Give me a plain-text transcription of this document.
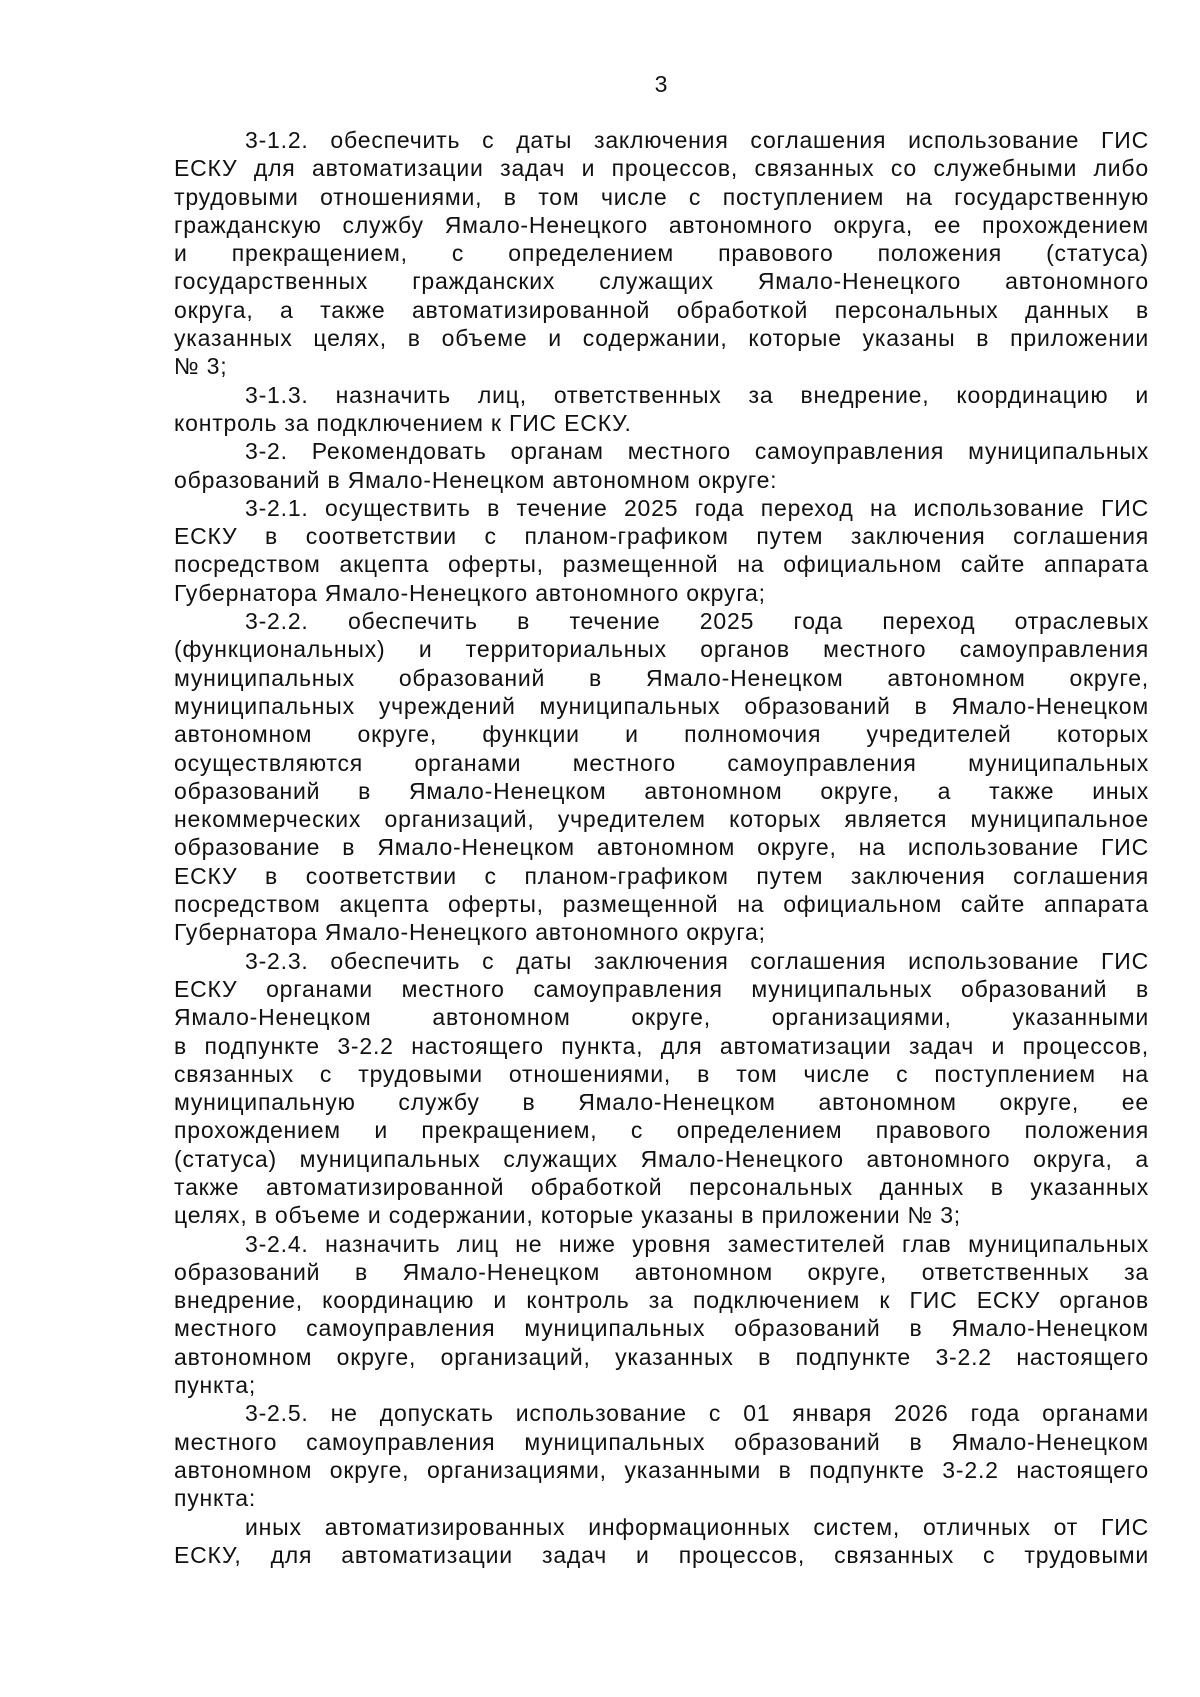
3
3-1.2. обеспечить с даты заключения соглашения использование ГИС
ЕСКУ для автоматизации задач и процессов, связанных со служебными либо
трудовыми отношениями, в том числе с поступлением на государственную
гражданскую службу Ямало-Ненецкого автономного округа, ее прохождением
и прекращением, с определением правового положения (статуса)
государственных гражданских служащих Ямало-Ненецкого автономного
округа, а также автоматизированной обработкой персональных данных в
указанных целях, в объеме и содержании, которые указаны в приложении
№ 3;
3-1.3. назначить лиц, ответственных за внедрение, координацию и
контроль за подключением к ГИС ЕСКУ.
3-2. Рекомендовать органам местного самоуправления муниципальных
образований в Ямало-Ненецком автономном округе:
3-2.1. осуществить в течение 2025 года переход на использование ГИС
ЕСКУ в соответствии с планом-графиком путем заключения соглашения
посредством акцепта оферты, размещенной на официальном сайте аппарата
Губернатора Ямало-Ненецкого автономного округа;
3-2.2. обеспечить в течение 2025 года переход отраслевых
(функциональных) и территориальных органов местного самоуправления
муниципальных образований в Ямало-Ненецком автономном округе,
муниципальных учреждений муниципальных образований в Ямало-Ненецком
автономном округе, функции и полномочия учредителей которых
осуществляются органами местного самоуправления муниципальных
образований в Ямало-Ненецком автономном округе, а также иных
некоммерческих организаций, учредителем которых является муниципальное
образование в Ямало-Ненецком автономном округе, на использование ГИС
ЕСКУ в соответствии с планом-графиком путем заключения соглашения
посредством акцепта оферты, размещенной на официальном сайте аппарата
Губернатора Ямало-Ненецкого автономного округа;
3-2.3. обеспечить с даты заключения соглашения использование ГИС
ЕСКУ органами местного самоуправления муниципальных образований в
Ямало-Ненецком автономном округе, организациями, указанными
в подпункте 3-2.2 настоящего пункта, для автоматизации задач и процессов,
связанных с трудовыми отношениями, в том числе с поступлением на
муниципальную службу в Ямало-Ненецком автономном округе, ее
прохождением и прекращением, с определением правового положения
(статуса) муниципальных служащих Ямало-Ненецкого автономного округа, а
также автоматизированной обработкой персональных данных в указанных
целях, в объеме и содержании, которые указаны в приложении № 3;
3-2.4. назначить лиц не ниже уровня заместителей глав муниципальных
образований в Ямало-Ненецком автономном округе, ответственных за
внедрение, координацию и контроль за подключением к ГИС ЕСКУ органов
местного самоуправления муниципальных образований в Ямало-Ненецком
автономном округе, организаций, указанных в подпункте 3-2.2 настоящего
пункта;
3-2.5. не допускать использование с 01 января 2026 года органами
местного самоуправления муниципальных образований в Ямало-Ненецком
автономном округе, организациями, указанными в подпункте 3-2.2 настоящего
пункта:
иных автоматизированных информационных систем, отличных от ГИС
ЕСКУ, для автоматизации задач и процессов, связанных с трудовыми
